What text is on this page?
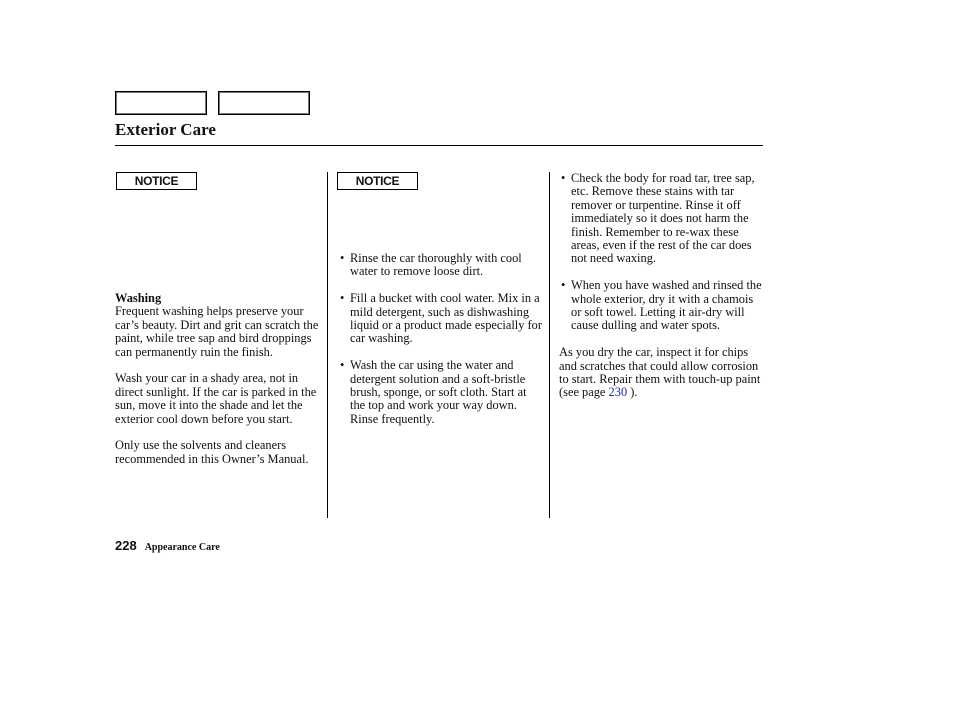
Exterior Care
NOTICE	NOTICE

Washing

Frequent washing helps preserve your car’s beauty. Dirt and grit can scratch the paint, while tree sap and bird droppings can permanently ruin the finish.

Wash your car in a shady area, not in direct sunlight. If the car is parked in the sun, move it into the shade and let the exterior cool down before you start.

Only use the solvents and cleaners recommended in this Owner’s Manual.

• Rinse the car thoroughly with cool water to remove loose dirt.
• Fill a bucket with cool water. Mix in a mild detergent, such as dishwashing liquid or a product made especially for car washing.
• Wash the car using the water and detergent solution and a soft-bristle brush, sponge, or soft cloth. Start at the top and work your way down. Rinse frequently.
• Check the body for road tar, tree sap, etc. Remove these stains with tar remover or turpentine. Rinse it off immediately so it does not harm the finish. Remember to re-wax these areas, even if the rest of the car does not need waxing.
• When you have washed and rinsed the whole exterior, dry it with a chamois or soft towel. Letting it air-dry will cause dulling and water spots.

As you dry the car, inspect it for chips and scratches that could allow corrosion to start. Repair them with touch-up paint (see page 230 ).

228 Appearance Care
